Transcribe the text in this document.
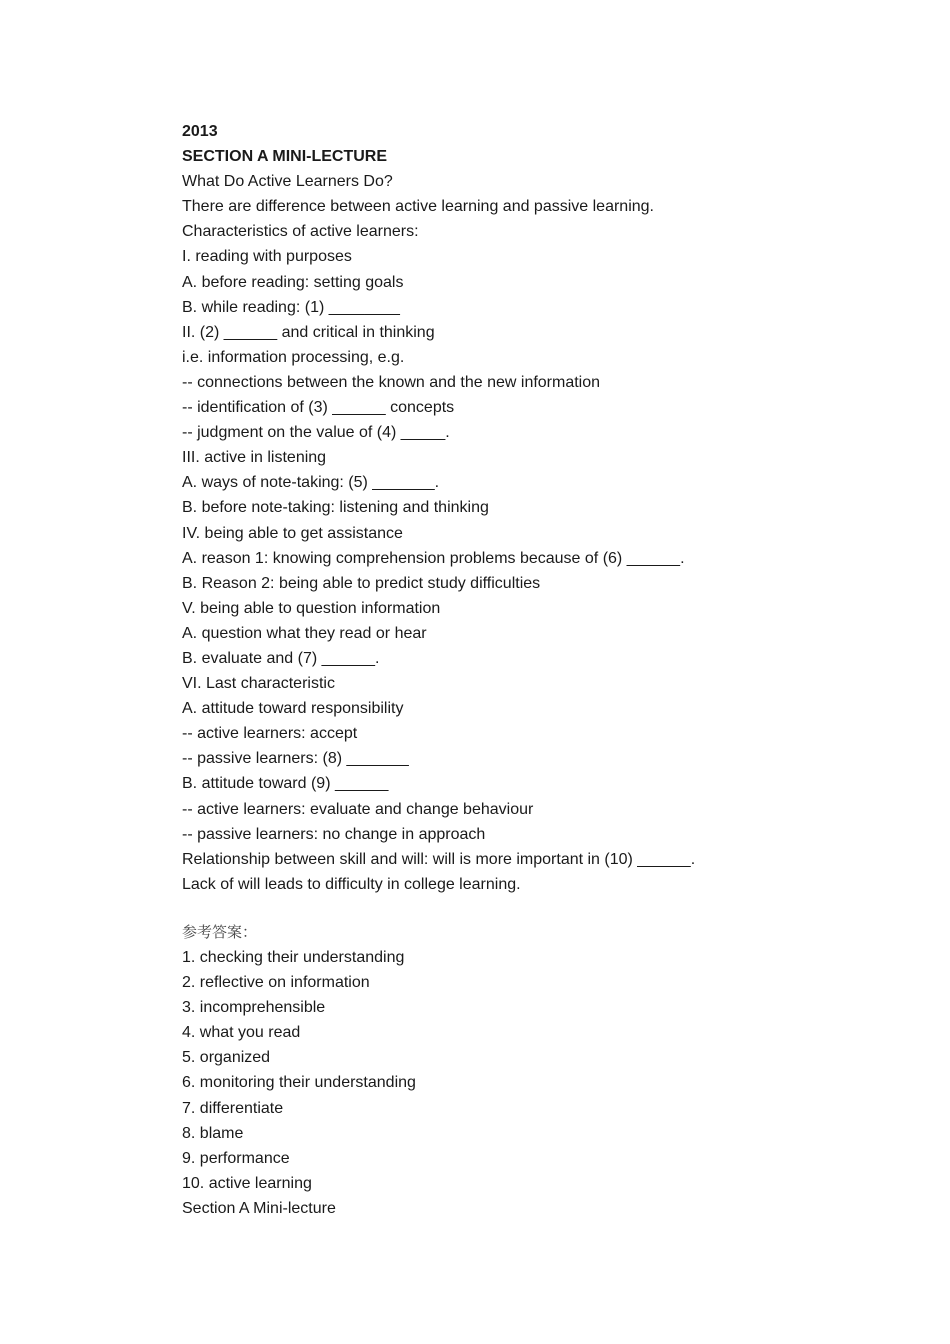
2013
SECTION A MINI-LECTURE
What Do Active Learners Do?
There are difference between active learning and passive learning.
Characteristics of active learners:
I. reading with purposes
A. before reading: setting goals
B. while reading: (1) ________
II. (2) ______ and critical in thinking
i.e. information processing, e.g.
-- connections between the known and the new information
-- identification of (3) ______ concepts
-- judgment on the value of (4) _____.
III. active in listening
A. ways of note-taking: (5) _______.
B. before note-taking: listening and thinking
IV. being able to get assistance
A. reason 1: knowing comprehension problems because of (6) ______.
B. Reason 2: being able to predict study difficulties
V. being able to question information
A. question what they read or hear
B. evaluate and (7) ______.
VI. Last characteristic
A. attitude toward responsibility
-- active learners: accept
-- passive learners: (8) _______
B. attitude toward (9) ______
-- active learners: evaluate and change behaviour
-- passive learners: no change in approach
Relationship between skill and will: will is more important in (10) ______.
Lack of will leads to difficulty in college learning.
参考答案：
1. checking their understanding
2. reflective on information
3. incomprehensible
4. what you read
5. organized
6. monitoring their understanding
7. differentiate
8. blame
9. performance
10. active learning
Section A Mini-lecture
